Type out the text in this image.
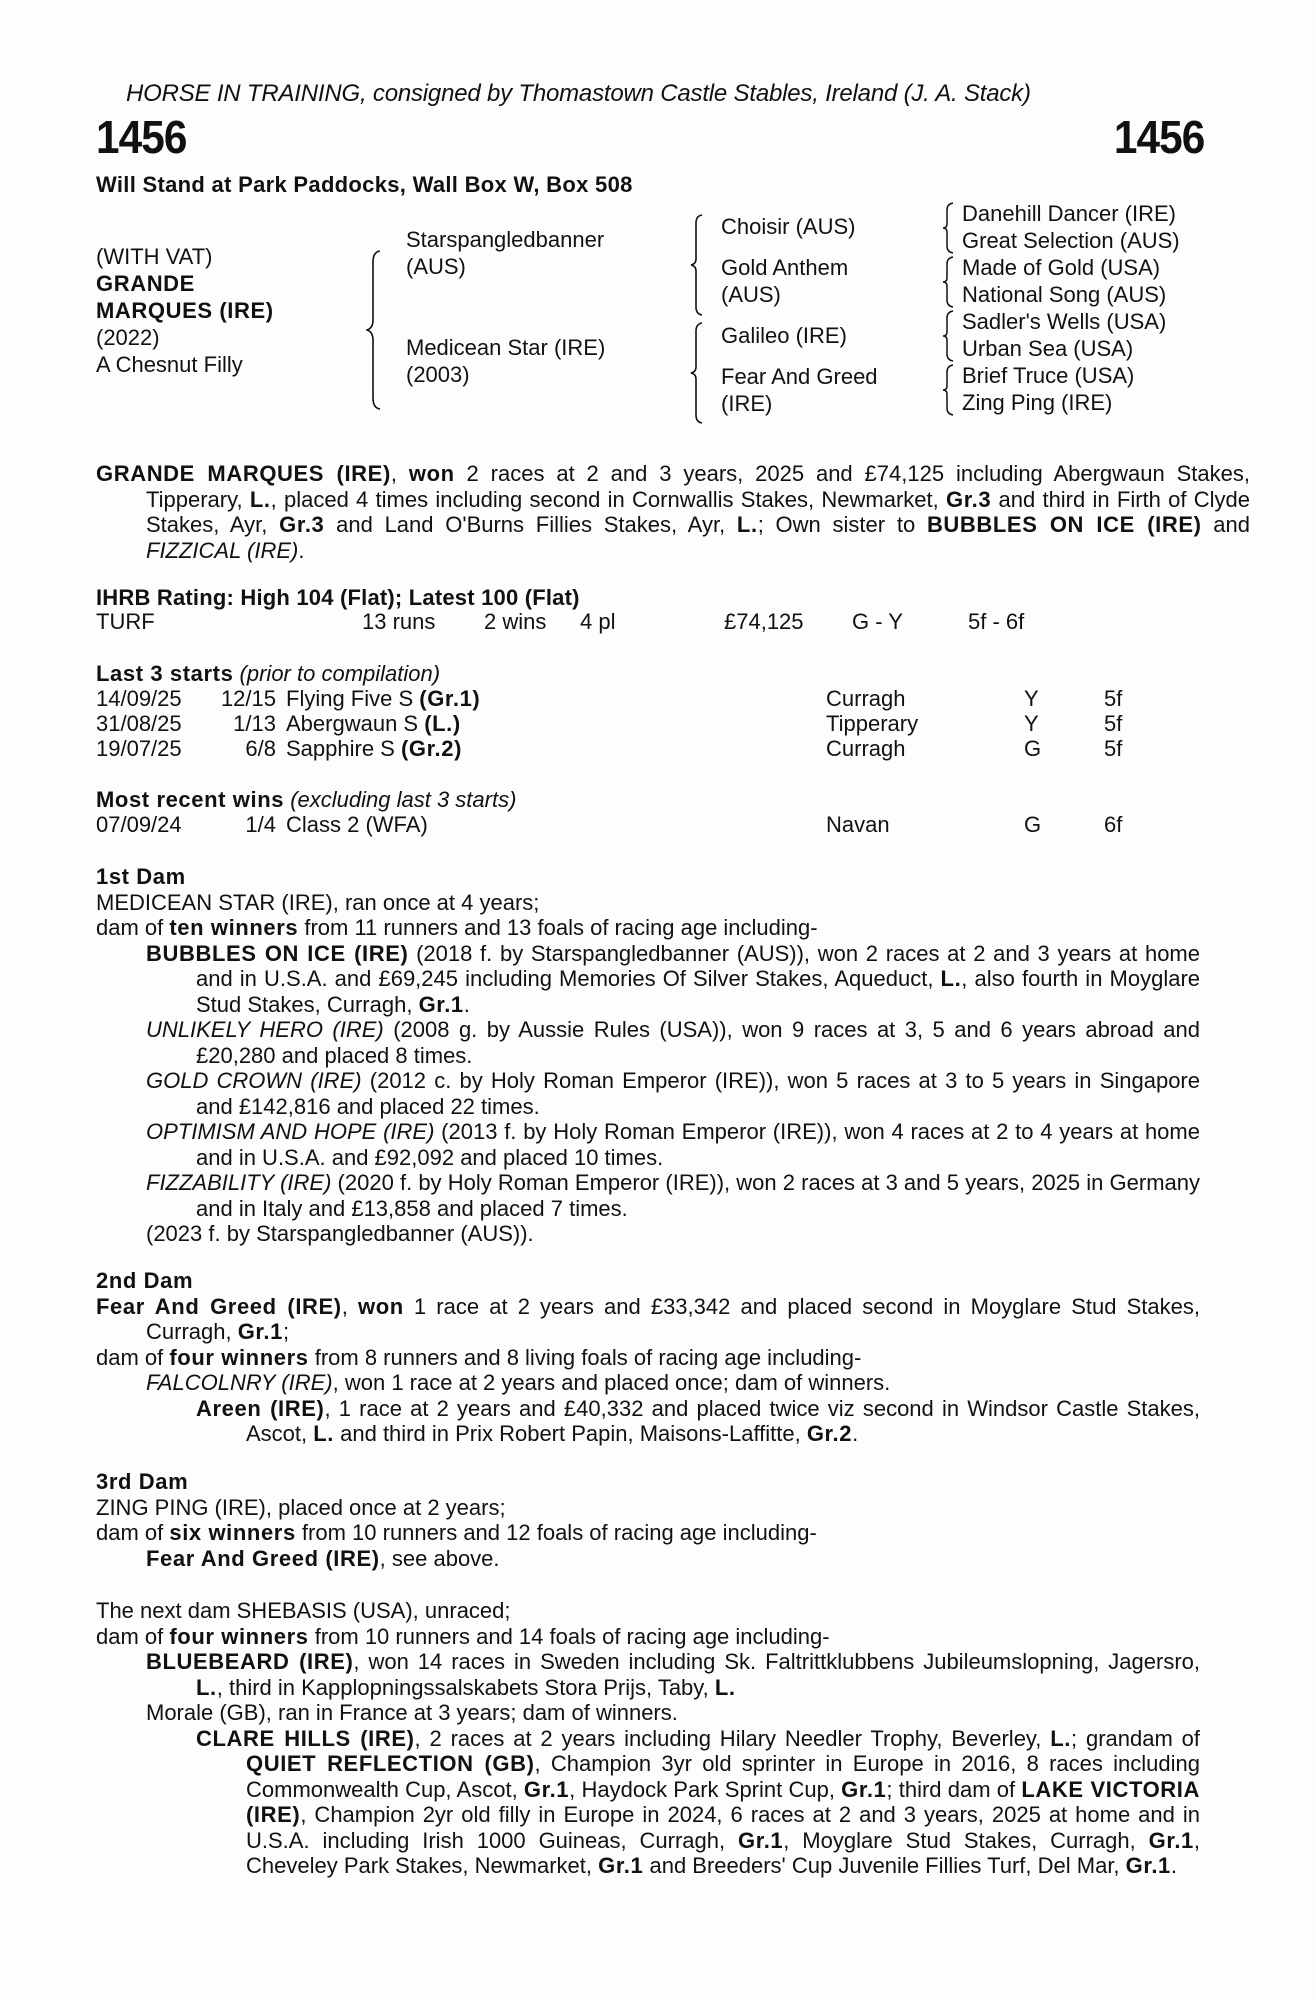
HORSE IN TRAINING, consigned by Thomastown Castle Stables, Ireland (J. A. Stack)
1456	1456
Will Stand at Park Paddocks, Wall Box W, Box 508
(WITH VAT)
GRANDE
MARQUES (IRE)
(2022)
A Chesnut Filly
Starspangledbanner
(AUS)
Medicean Star (IRE)
(2003)
Choisir (AUS)
Gold Anthem
(AUS)
Galileo (IRE)
Fear And Greed
(IRE)
Danehill Dancer (IRE)
Great Selection (AUS)
Made of Gold (USA)
National Song (AUS)
Sadler's Wells (USA)
Urban Sea (USA)
Brief Truce (USA)
Zing Ping (IRE)
GRANDE MARQUES (IRE), won 2 races at 2 and 3 years, 2025 and £74,125 including Abergwaun Stakes, Tipperary, L., placed 4 times including second in Cornwallis Stakes, Newmarket, Gr.3 and third in Firth of Clyde Stakes, Ayr, Gr.3 and Land O'Burns Fillies Stakes, Ayr, L.; Own sister to BUBBLES ON ICE (IRE) and FIZZICAL (IRE).
IHRB Rating: High 104 (Flat); Latest 100 (Flat)
TURF	13 runs 2 wins 4 pl	£74,125 G - Y	5f - 6f
Last 3 starts (prior to compilation)
14/09/25	12/15 Flying Five S (Gr.1)	Curragh	Y	5f
31/08/25	1/13 Abergwaun S (L.)	Tipperary	Y	5f
19/07/25	6/8 Sapphire S (Gr.2)	Curragh	G	5f
Most recent wins (excluding last 3 starts)
07/09/24	1/4 Class 2 (WFA)	Navan	G	6f
1st Dam
MEDICEAN STAR (IRE), ran once at 4 years;
dam of ten winners from 11 runners and 13 foals of racing age including-
BUBBLES ON ICE (IRE) (2018 f. by Starspangledbanner (AUS)), won 2 races at 2 and 3 years at home and in U.S.A. and £69,245 including Memories Of Silver Stakes, Aqueduct, L., also fourth in Moyglare Stud Stakes, Curragh, Gr.1.
UNLIKELY HERO (IRE) (2008 g. by Aussie Rules (USA)), won 9 races at 3, 5 and 6 years abroad and £20,280 and placed 8 times.
GOLD CROWN (IRE) (2012 c. by Holy Roman Emperor (IRE)), won 5 races at 3 to 5 years in Singapore and £142,816 and placed 22 times.
OPTIMISM AND HOPE (IRE) (2013 f. by Holy Roman Emperor (IRE)), won 4 races at 2 to 4 years at home and in U.S.A. and £92,092 and placed 10 times.
FIZZABILITY (IRE) (2020 f. by Holy Roman Emperor (IRE)), won 2 races at 3 and 5 years, 2025 in Germany and in Italy and £13,858 and placed 7 times.
(2023 f. by Starspangledbanner (AUS)).
2nd Dam
Fear And Greed (IRE), won 1 race at 2 years and £33,342 and placed second in Moyglare Stud Stakes, Curragh, Gr.1;
dam of four winners from 8 runners and 8 living foals of racing age including-
FALCOLNRY (IRE), won 1 race at 2 years and placed once; dam of winners.
Areen (IRE), 1 race at 2 years and £40,332 and placed twice viz second in Windsor Castle Stakes, Ascot, L. and third in Prix Robert Papin, Maisons-Laffitte, Gr.2.
3rd Dam
ZING PING (IRE), placed once at 2 years;
dam of six winners from 10 runners and 12 foals of racing age including-
Fear And Greed (IRE), see above.
The next dam SHEBASIS (USA), unraced;
dam of four winners from 10 runners and 14 foals of racing age including-
BLUEBEARD (IRE), won 14 races in Sweden including Sk. Faltrittklubbens Jubileumslopning, Jagersro, L., third in Kapplopningssalskabets Stora Prijs, Taby, L.
Morale (GB), ran in France at 3 years; dam of winners.
CLARE HILLS (IRE), 2 races at 2 years including Hilary Needler Trophy, Beverley, L.; grandam of QUIET REFLECTION (GB), Champion 3yr old sprinter in Europe in 2016, 8 races including Commonwealth Cup, Ascot, Gr.1, Haydock Park Sprint Cup, Gr.1; third dam of LAKE VICTORIA (IRE), Champion 2yr old filly in Europe in 2024, 6 races at 2 and 3 years, 2025 at home and in U.S.A. including Irish 1000 Guineas, Curragh, Gr.1, Moyglare Stud Stakes, Curragh, Gr.1, Cheveley Park Stakes, Newmarket, Gr.1 and Breeders' Cup Juvenile Fillies Turf, Del Mar, Gr.1.
